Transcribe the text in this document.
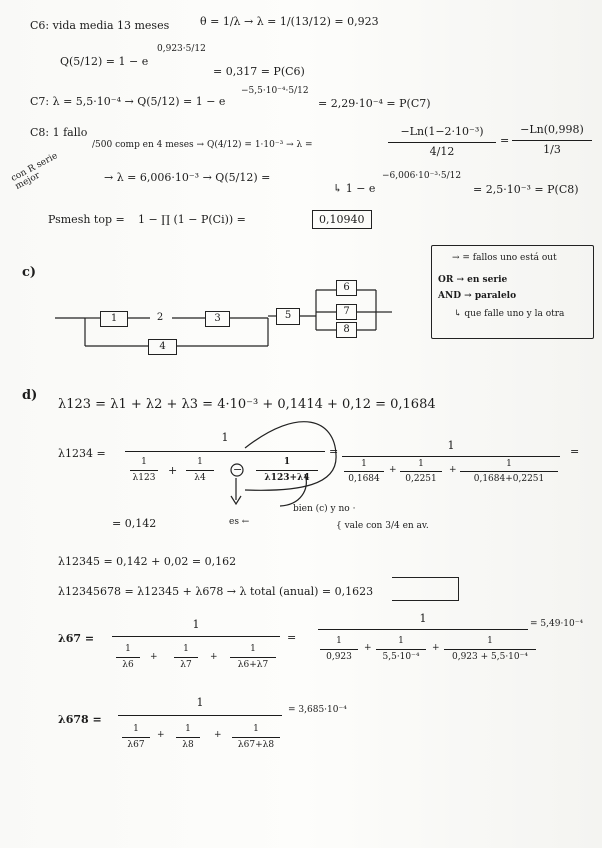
C6: vida media 13 meses	θ = 1/λ → λ = 1/(13/12) = 0,923
Q(5/12) = 1 − e
0,923·5/12
= 0,317 = P(C6)
C7: λ = 5,5·10⁻⁴ → Q(5/12) = 1 − e
−5,5·10⁻⁴·5/12
= 2,29·10⁻⁴ = P(C7)
C8: 1 fallo
/500 comp en 4 meses → Q(4/12) = 1·10⁻³ → λ =
−Ln(1−2·10⁻³)
4/12
=
−Ln(0,998)
1/3
con R serie mejor	→ λ = 6,006·10⁻³ → Q(5/12) =
↳ 1 − e
−6,006·10⁻³·5/12
= 2,5·10⁻³ = P(C8)
Psmesh top = 1 − ∏ (1 − P(Ci)) =	0,10940
c)
1	2	3
4
5
6
7
8
→ = fallos uno está out
OR → en serie
AND → paralelo
↳ que falle uno y la otra
d)
λ123 = λ1 + λ2 + λ3 = 4·10⁻³ + 0,1414 + 0,12 = 0,1684
λ1234 =
1
1
λ123
+
1
λ4
−
1
λ123+λ4
=	1
1
0,1684
+
1
0,2251
+
1
0,1684+0,2251
=
= 0,142	es ←
bien (c) y no ·
{ vale con 3/4 en av.
λ12345 = 0,142 + 0,02 = 0,162
λ12345678 = λ12345 + λ678 → λ total (anual) = 0,1623
λ67 =
1
1
λ6
+
1
λ7
+
1
λ6+λ7
=
1
1
0,923
+
1
5,5·10⁻⁴
+
1
0,923 + 5,5·10⁻⁴
= 5,49·10⁻⁴
λ678 =
1
1
λ67
+
1
λ8
+
1
λ67+λ8
= 3,685·10⁻⁴
